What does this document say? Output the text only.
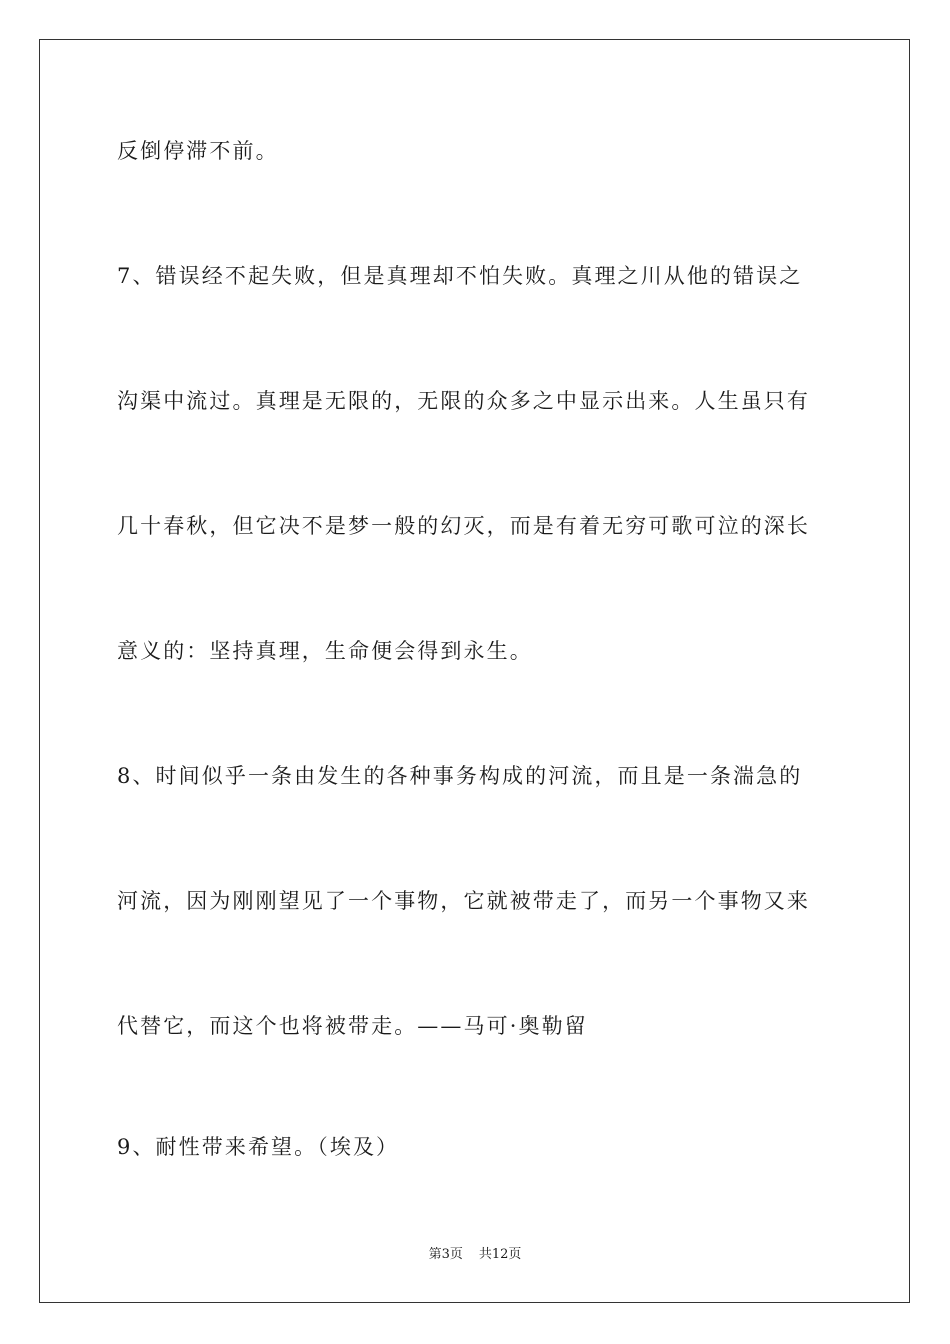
反倒停滞不前。
7、错误经不起失败，但是真理却不怕失败。真理之川从他的错误之
沟渠中流过。真理是无限的，无限的众多之中显示出来。人生虽只有
几十春秋，但它决不是梦一般的幻灭，而是有着无穷可歌可泣的深长
意义的：坚持真理，生命便会得到永生。
8、时间似乎一条由发生的各种事务构成的河流，而且是一条湍急的
河流，因为刚刚望见了一个事物，它就被带走了，而另一个事物又来
代替它，而这个也将被带走。——马可·奥勒留
9、耐性带来希望。（埃及）
第3页 共12页
